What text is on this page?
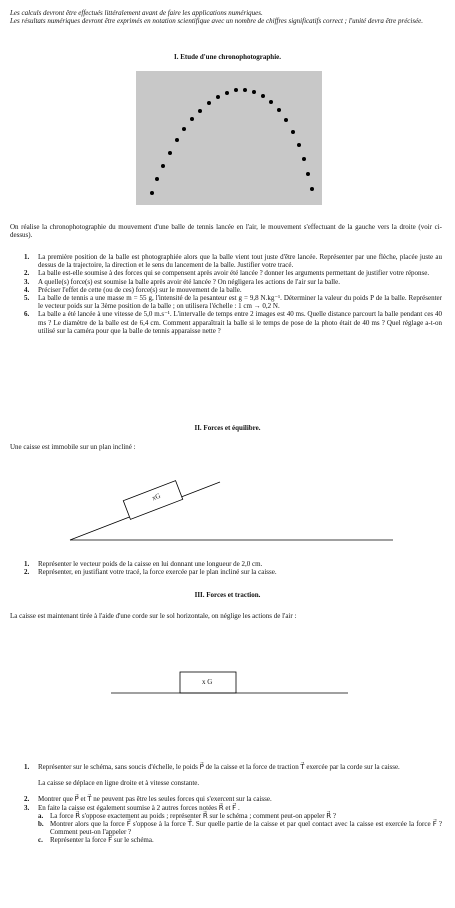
Les calculs devront être effectués littéralement avant de faire les applications numériques.
Les résultats numériques devront être exprimés en notation scientifique avec un nombre de chiffres significatifs correct ; l'unité devra être précisée.
I. Etude d'une chronophotographie.
On réalise la chronophotographie du mouvement d'une balle de tennis lancée en l'air, le mouvement s'effectuant de la gauche vers la droite (voir ci-dessus).
1. La première position de la balle est photographiée alors que la balle vient tout juste d'être lancée. Représenter par une flèche, placée juste au dessus de la trajectoire, la direction et le sens du lancement de la balle. Justifier votre tracé.
2. La balle est-elle soumise à des forces qui se compensent après avoir été lancée ? donner les arguments permettant de justifier votre réponse.
3. A quelle(s) force(s) est soumise la balle après avoir été lancée ? On négligera les actions de l'air sur la balle.
4. Préciser l'effet de cette (ou de ces) force(s) sur le mouvement de la balle.
5. La balle de tennis a une masse m = 55 g, l'intensité de la pesanteur est g = 9,8 N.kg⁻¹. Déterminer la valeur du poids P de la balle. Représenter le vecteur poids sur la 3ème position de la balle ; on utilisera l'échelle : 1 cm → 0,2 N.
6. La balle a été lancée à une vitesse de 5,0 m.s⁻¹. L'intervalle de temps entre 2 images est 40 ms. Quelle distance parcourt la balle pendant ces 40 ms ? Le diamètre de la balle est de 6,4 cm. Comment apparaîtrait la balle si le temps de pose de la photo était de 40 ms ? Quel réglage a-t-on utilisé sur la caméra pour que la balle de tennis apparaisse nette ?
II. Forces et équilibre.
Une caisse est immobile sur un plan incliné :
xG
1. Représenter le vecteur poids de la caisse en lui donnant une longueur de 2,0 cm.
2. Représenter, en justifiant votre tracé, la force exercée par le plan incliné sur la caisse.
III. Forces et traction.
La caisse est maintenant tirée à l'aide d'une corde sur le sol horizontale, on néglige les actions de l'air :
x G
1. Représenter sur le schéma, sans soucis d'échelle, le poids P⃗ de la caisse et la force de traction T⃗ exercée par la corde sur la caisse.
La caisse se déplace en ligne droite et à vitesse constante.
2. Montrer que P⃗ et T⃗ ne peuvent pas être les seules forces qui s'exercent sur la caisse.
3. En faite la caisse est également soumise à 2 autres forces notées R⃗ et F⃗ .
a. La force R⃗ s'oppose exactement au poids ; représenter R⃗ sur le schéma ; comment peut-on appeler R⃗ ?
b. Montrer alors que la force F⃗ s'oppose à la force T⃗. Sur quelle partie de la caisse et par quel contact avec la caisse est exercée la force F⃗ ? Comment peut-on l'appeler ?
c. Représenter la force F⃗ sur le schéma.
